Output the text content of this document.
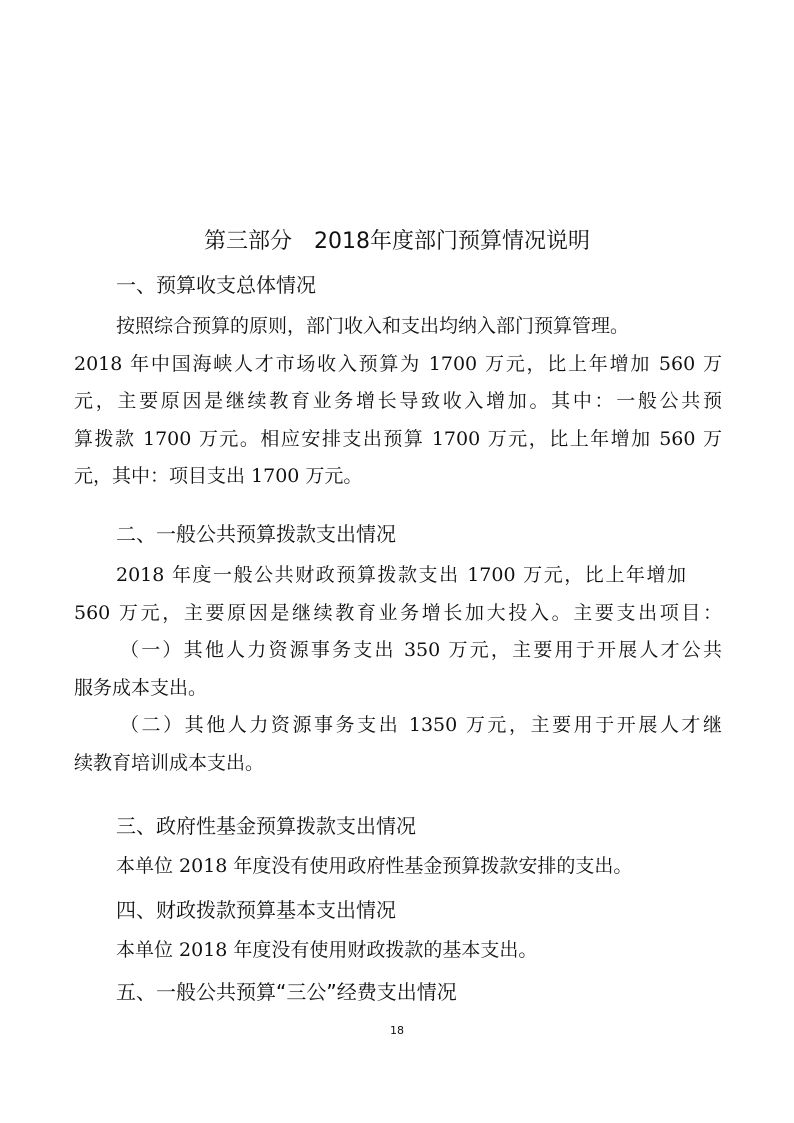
第三部分　2018年度部门预算情况说明
一、预算收支总体情况
按照综合预算的原则，部门收入和支出均纳入部门预算管理。
2018 年中国海峡人才市场收入预算为 1700 万元，比上年增加 560 万
元，主要原因是继续教育业务增长导致收入增加。其中：一般公共预
算拨款 1700 万元。相应安排支出预算 1700 万元，比上年增加 560 万
元，其中：项目支出 1700 万元。
二、一般公共预算拨款支出情况
2018 年度一般公共财政预算拨款支出 1700 万元，比上年增加
560 万元，主要原因是继续教育业务增长加大投入。主要支出项目：
（一）其他人力资源事务支出 350 万元，主要用于开展人才公共
服务成本支出。
（二）其他人力资源事务支出 1350 万元，主要用于开展人才继
续教育培训成本支出。
三、政府性基金预算拨款支出情况

本单位 2018 年度没有使用政府性基金预算拨款安排的支出。

四、财政拨款预算基本支出情况

本单位 2018 年度没有使用财政拨款的基本支出。

五、一般公共预算“三公”经费支出情况
18
